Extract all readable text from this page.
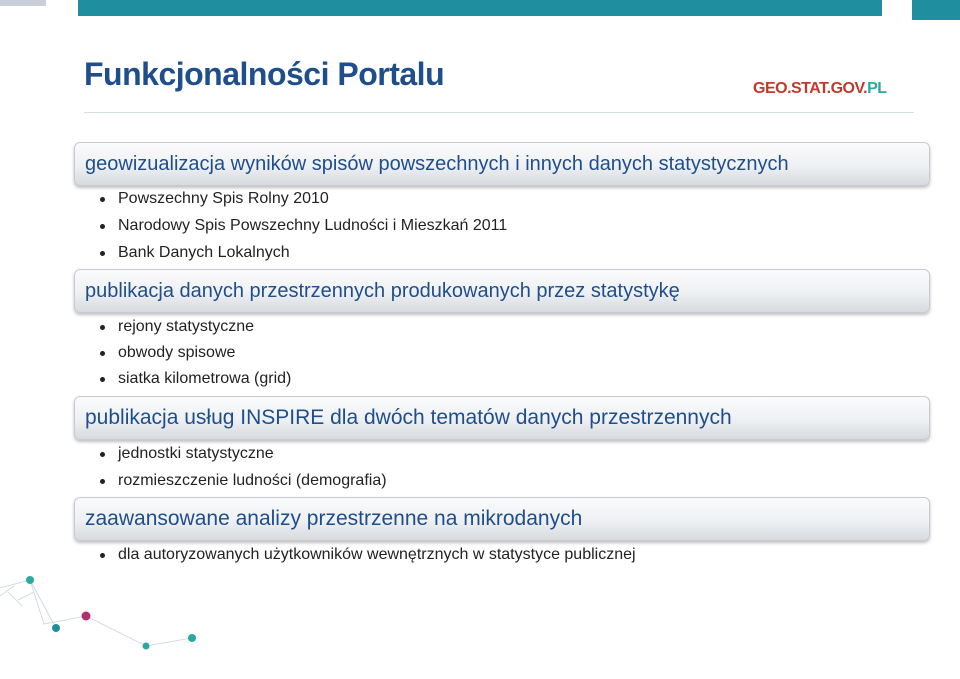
Funkcjonalności Portalu	GEO.STAT.GOV.PL
geowizualizacja wyników spisów powszechnych i innych danych statystycznych
Powszechny Spis Rolny 2010
Narodowy Spis Powszechny Ludności i Mieszkań 2011
Bank Danych Lokalnych
publikacja danych przestrzennych produkowanych przez statystykę
rejony statystyczne
obwody spisowe
siatka kilometrowa (grid)
publikacja usług INSPIRE dla dwóch tematów danych przestrzennych
jednostki statystyczne
rozmieszczenie ludności (demografia)
zaawansowane analizy przestrzenne na mikrodanych
dla autoryzowanych użytkowników wewnętrznych w statystyce publicznej
